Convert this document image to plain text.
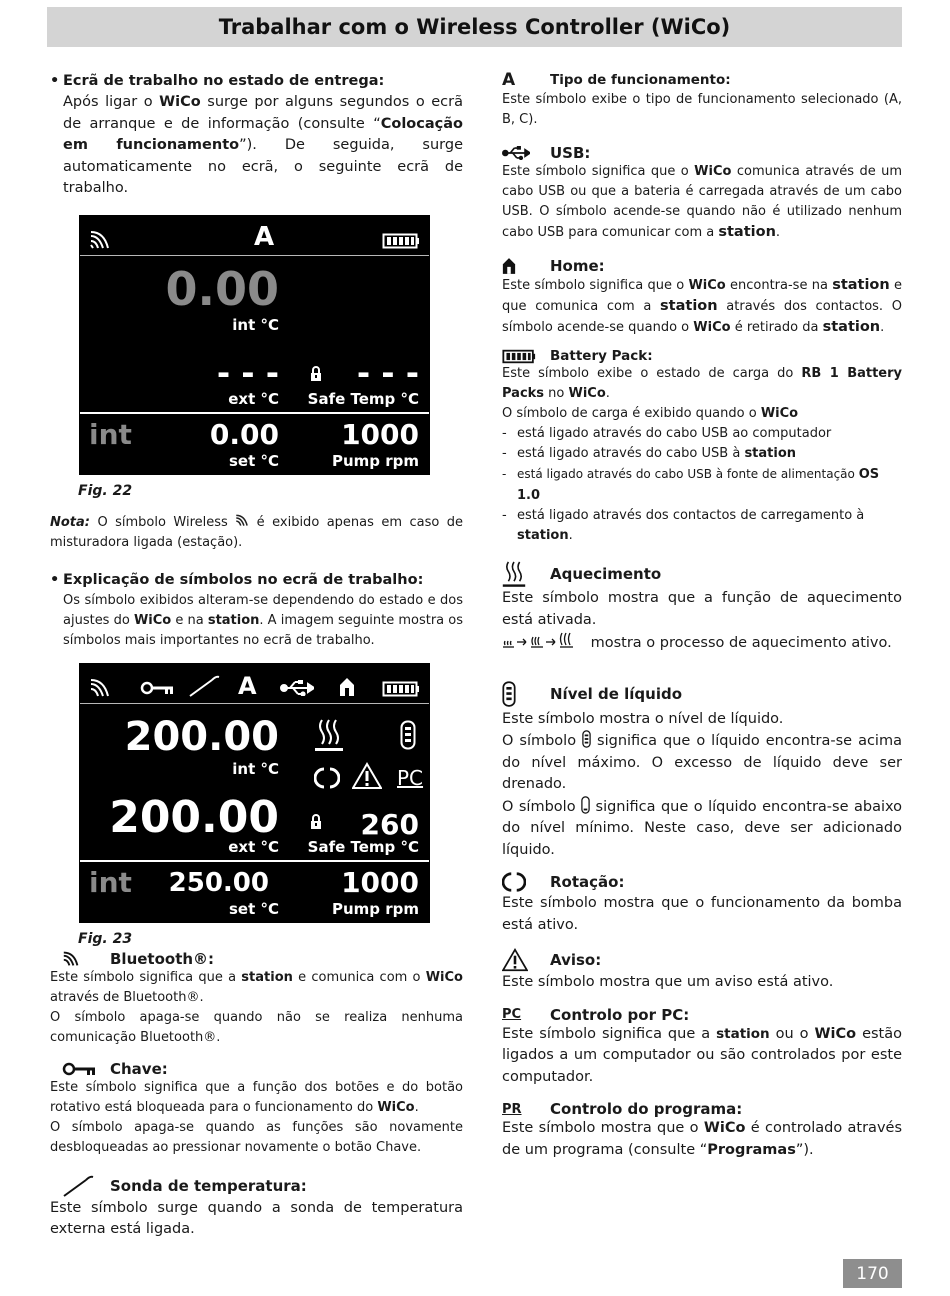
Trabalhar com o Wireless Controller (WiCo)
• Ecrã de trabalho no estado de entrega:

Após ligar o WiCo surge por alguns segundos o ecrã de arranque e de informação (consulte “Colocação em funcionamento”). De seguida, surge automaticamente no ecrã, o seguinte ecrã de trabalho.

A
0.00
int °C
- - - - - -
ext °C Safe Temp °C
int	0.00 1000
set °C	Pump rpm
Fig. 22

Nota: O símbolo Wireless  é exibido apenas em caso de misturadora ligada (estação).

• Explicação de símbolos no ecrã de trabalho:

Os símbolo exibidos alteram-se dependendo do estado e dos ajustes do WiCo e na station. A imagem seguinte mostra os símbolos mais importantes no ecrã de trabalho.

A
200.00
int °C	PC
200.00	260
ext °C Safe Temp °C
int 250.00	1000
set °C	Pump rpm
Fig. 23
Bluetooth®:

Este símbolo significa que a station e comunica com o WiCo através de Bluetooth®.

O símbolo apaga-se quando não se realiza nenhuma comunicação Bluetooth®.

Chave:

Este símbolo significa que a função dos botões e do botão rotativo está bloqueada para o funcionamento do WiCo.

O símbolo apaga-se quando as funções são novamente desbloqueadas ao pressionar novamente o botão Chave.

Sonda de temperatura:

Este símbolo surge quando a sonda de temperatura externa está ligada.

A	Tipo de funcionamento:

Este símbolo exibe o tipo de funcionamento selecionado (A, B, C).

USB:

Este símbolo significa que o WiCo comunica através de um cabo USB ou que a bateria é carregada através de um cabo USB. O símbolo acende-se quando não é utilizado nenhum cabo USB para comunicar com a station.

Home:

Este símbolo significa que o WiCo encontra-se na station e que comunica com a station através dos contactos. O símbolo acende-se quando o WiCo é retirado da station.

Battery Pack:

Este símbolo exibe o estado de carga do RB 1 Battery Packs no WiCo.

O símbolo de carga é exibido quando o WiCo

- está ligado através do cabo USB ao computador

- está ligado através do cabo USB à station

- está ligado através do cabo USB à fonte de alimentação OS 1.0

- está ligado através dos contactos de carregamento à station.

Aquecimento

Este símbolo mostra que a função de aquecimento está ativada.

mostra o processo de aquecimento ativo.

Nível de líquido

Este símbolo mostra o nível de líquido.

O símbolo  significa que o líquido encontra-se acima do nível máximo. O excesso de líquido deve ser drenado.

O símbolo  significa que o líquido encontra-se abaixo do nível mínimo. Neste caso, deve ser adicionado líquido.

Rotação:

Este símbolo mostra que o funcionamento da bomba está ativo.

Aviso:

Este símbolo mostra que um aviso está ativo.

PC	Controlo por PC:

Este símbolo significa que a station ou o WiCo estão ligados a um computador ou são controlados por este computador.

PR	Controlo do programa:

Este símbolo mostra que o WiCo é controlado através de um programa (consulte “Programas”).

170
